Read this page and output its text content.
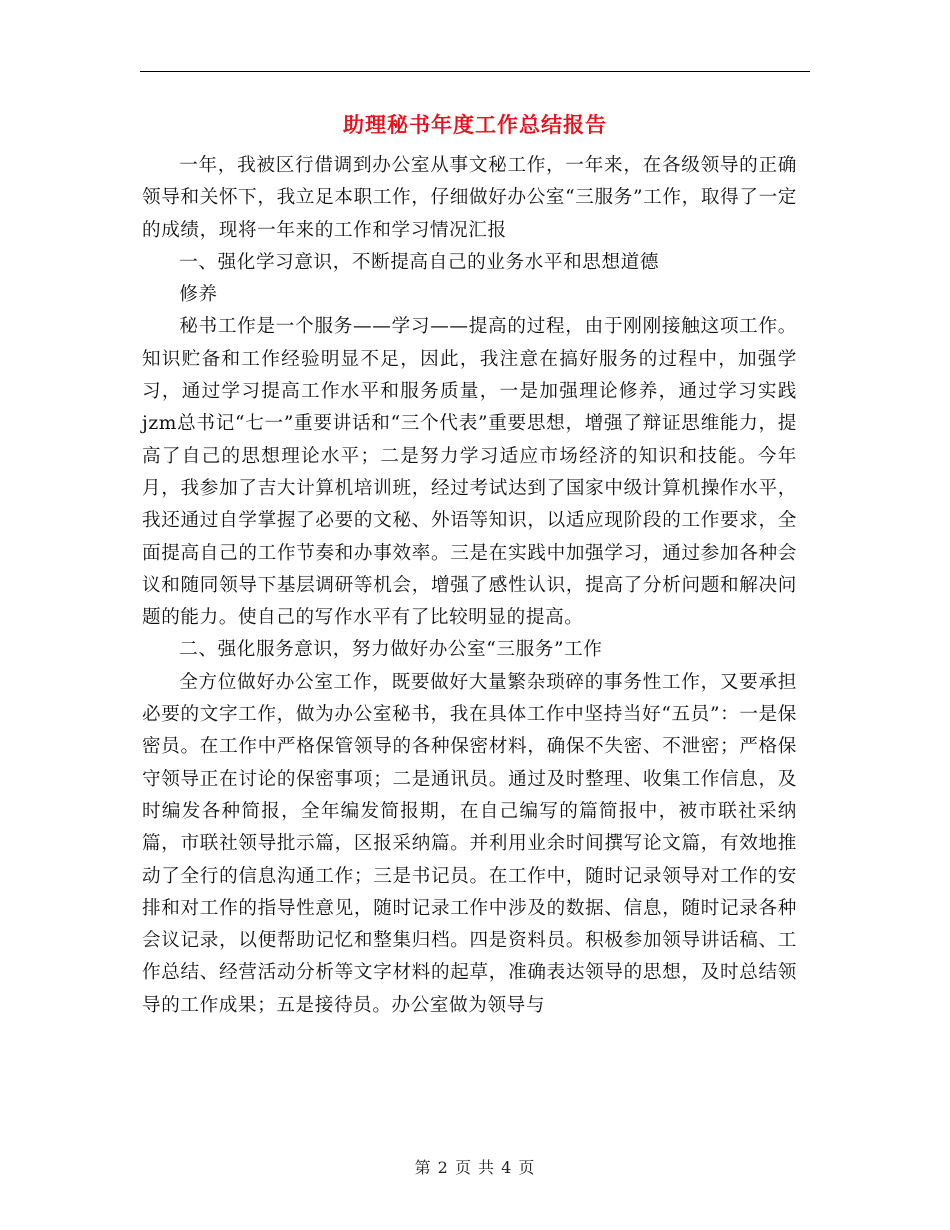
助理秘书年度工作总结报告

一年，我被区行借调到办公室从事文秘工作，一年来，在各级领导的正确领导和关怀下，我立足本职工作，仔细做好办公室“三服务”工作，取得了一定的成绩，现将一年来的工作和学习情况汇报

一、强化学习意识，不断提高自己的业务水平和思想道德

修养

秘书工作是一个服务——学习——提高的过程，由于刚刚接触这项工作。知识贮备和工作经验明显不足，因此，我注意在搞好服务的过程中，加强学习，通过学习提高工作水平和服务质量，一是加强理论修养，通过学习实践jzm总书记“七一”重要讲话和“三个代表”重要思想，增强了辩证思维能力，提高了自己的思想理论水平；二是努力学习适应市场经济的知识和技能。今年月，我参加了吉大计算机培训班，经过考试达到了国家中级计算机操作水平，我还通过自学掌握了必要的文秘、外语等知识，以适应现阶段的工作要求，全面提高自己的工作节奏和办事效率。三是在实践中加强学习，通过参加各种会议和随同领导下基层调研等机会，增强了感性认识，提高了分析问题和解决问题的能力。使自己的写作水平有了比较明显的提高。

二、强化服务意识，努力做好办公室“三服务”工作

全方位做好办公室工作，既要做好大量繁杂琐碎的事务性工作，又要承担必要的文字工作，做为办公室秘书，我在具体工作中坚持当好“五员”：一是保密员。在工作中严格保管领导的各种保密材料，确保不失密、不泄密；严格保守领导正在讨论的保密事项；二是通讯员。通过及时整理、收集工作信息，及时编发各种简报，全年编发简报期，在自己编写的篇简报中，被市联社采纳篇，市联社领导批示篇，区报采纳篇。并利用业余时间撰写论文篇，有效地推动了全行的信息沟通工作；三是书记员。在工作中，随时记录领导对工作的安排和对工作的指导性意见，随时记录工作中涉及的数据、信息，随时记录各种会议记录，以便帮助记忆和整集归档。四是资料员。积极参加领导讲话稿、工作总结、经营活动分析等文字材料的起草，准确表达领导的思想，及时总结领导的工作成果；五是接待员。办公室做为领导与

第 2 页 共 4 页
